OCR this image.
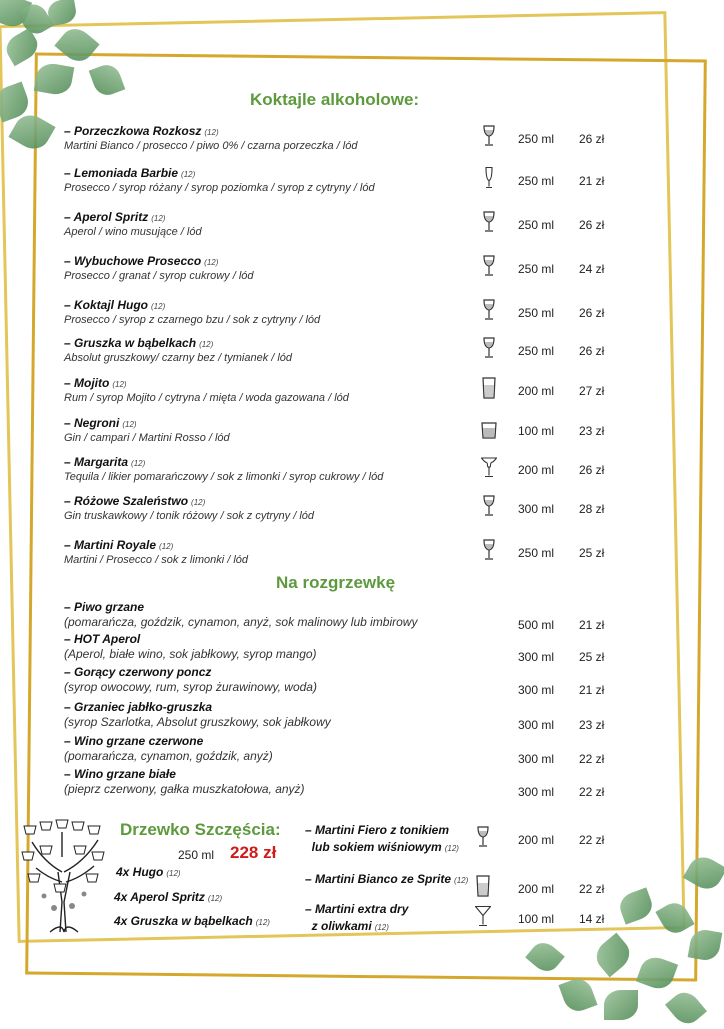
Koktajle alkoholowe:
– Porzeczkowa Rozkosz (12)
Martini Bianco / prosecco / piwo 0% / czarna porzeczka / lód	250 ml 26 zł
– Lemoniada Barbie (12)
Prosecco / syrop różany / syrop poziomka / syrop z cytryny / lód	250 ml 21 zł
– Aperol Spritz (12)
Aperol / wino musujące / lód	250 ml 26 zł
– Wybuchowe Prosecco (12)
Prosecco / granat / syrop cukrowy / lód	250 ml 24 zł
– Koktajl Hugo (12)
Prosecco / syrop z czarnego bzu / sok z cytryny / lód	250 ml 26 zł
– Gruszka w bąbelkach (12)
Absolut gruszkowy/ czarny bez / tymianek / lód	250 ml 26 zł
– Mojito (12)
Rum / syrop Mojito / cytryna / mięta / woda gazowana / lód	200 ml 27 zł
– Negroni (12)
Gin / campari / Martini Rosso / lód	100 ml 23 zł
– Margarita (12)
Tequila / likier pomarańczowy / sok z limonki / syrop cukrowy / lód	200 ml 26 zł
– Różowe Szaleństwo (12)
Gin truskawkowy / tonik różowy / sok z cytryny / lód	300 ml 28 zł
– Martini Royale (12)
Martini / Prosecco / sok z limonki / lód	250 ml 25 zł
Na rozgrzewkę
– Piwo grzane
(pomarańcza, goździk, cynamon, anyż, sok malinowy lub imbirowy	500 ml 21 zł
– HOT Aperol
(Aperol, białe wino, sok jabłkowy, syrop mango)	300 ml 25 zł
– Gorący czerwony poncz
(syrop owocowy, rum, syrop żurawinowy, woda)	300 ml 21 zł
– Grzaniec jabłko-gruszka
(syrop Szarlotka, Absolut gruszkowy, sok jabłkowy	300 ml 23 zł
– Wino grzane czerwone
(pomarańcza, cynamon, goździk, anyż)	300 ml 22 zł
– Wino grzane białe
(pieprz czerwony, gałka muszkatołowa, anyż)	300 ml 22 zł
Drzewko Szczęścia:
250 ml 228 zł
4x Hugo (12)
4x Aperol Spritz (12)
4x Gruszka w bąbelkach (12)
– Martini Fiero z tonikiem
lub sokiem wiśniowym (12)
200 ml 22 zł
– Martini Bianco ze Sprite (12)
200 ml 22 zł
– Martini extra dry
z oliwkami (12)
100 ml 14 zł
